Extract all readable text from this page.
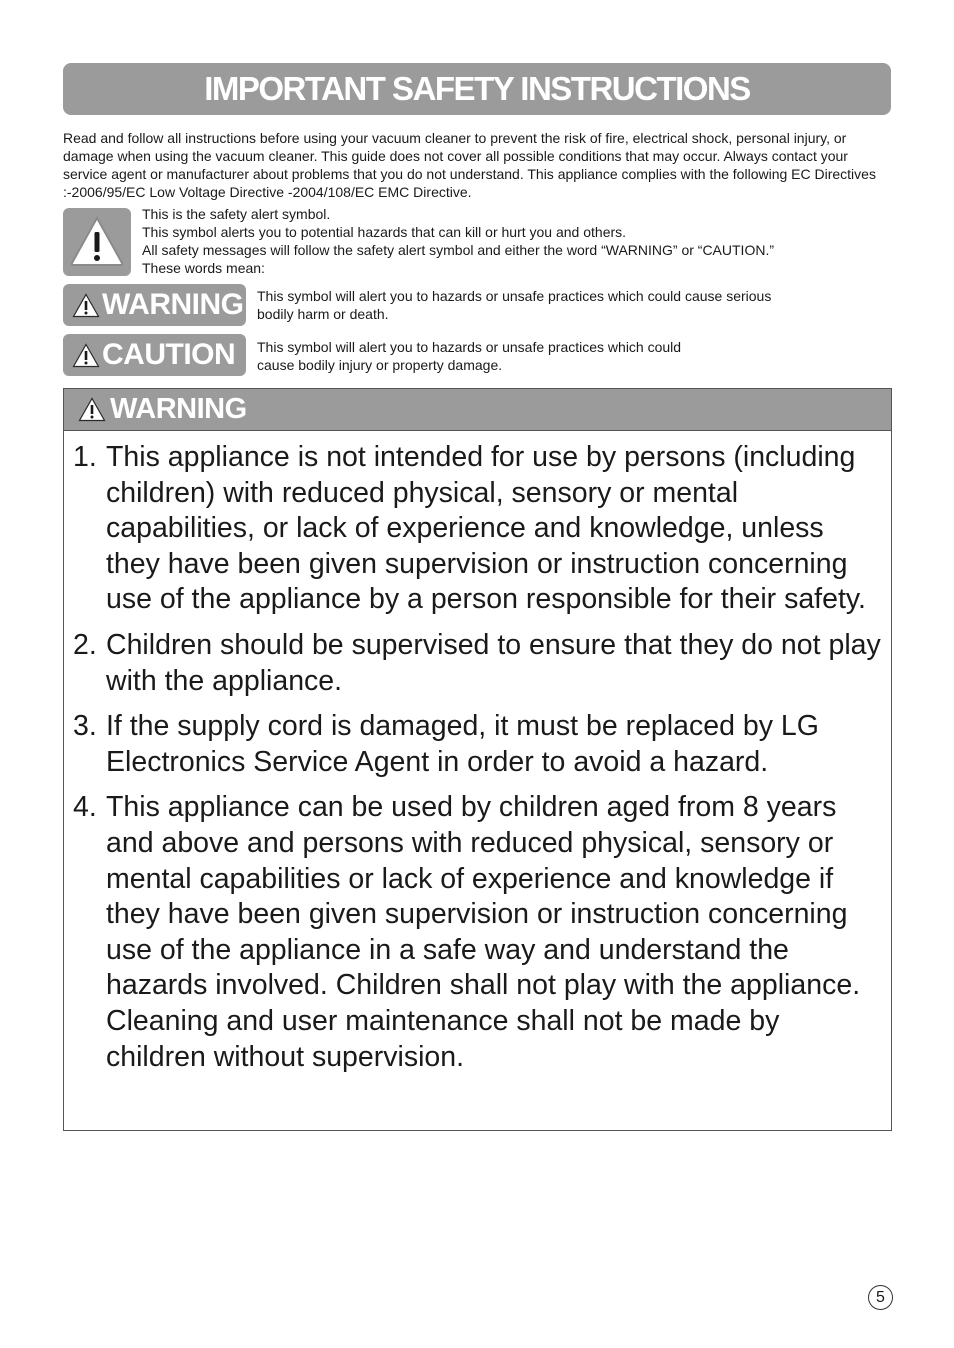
IMPORTANT SAFETY INSTRUCTIONS

Read and follow all instructions before using your vacuum cleaner to prevent the risk of fire, electrical shock, personal injury, or damage when using the vacuum cleaner. This guide does not cover all possible conditions that may occur. Always contact your service agent or manufacturer about problems that you do not understand. This appliance complies with the following EC Directives :-2006/95/EC Low Voltage Directive -2004/108/EC EMC Directive.

This is the safety alert symbol.
This symbol alerts you to potential hazards that can kill or hurt you and others.
All safety messages will follow the safety alert symbol and either the word “WARNING” or “CAUTION.”
These words mean:
WARNING This symbol will alert you to hazards or unsafe practices which could cause serious
bodily harm or death.
CAUTION This symbol will alert you to hazards or unsafe practices which could
cause bodily injury or property damage.
WARNING
1. This appliance is not intended for use by persons (including children) with reduced physical, sensory or mental capabilities, or lack of experience and knowledge, unless they have been given supervision or instruction concerning use of the appliance by a person responsible for their safety.
2. Children should be supervised to ensure that they do not play with the appliance.
3. If the supply cord is damaged, it must be replaced by LG Electronics Service Agent in order to avoid a hazard.
4. This appliance can be used by children aged from 8 years and above and persons with reduced physical, sensory or mental capabilities or lack of experience and knowledge if they have been given supervision or instruction concerning use of the appliance in a safe way and understand the hazards involved. Children shall not play with the appliance. Cleaning and user maintenance shall not be made by children without supervision.
5
